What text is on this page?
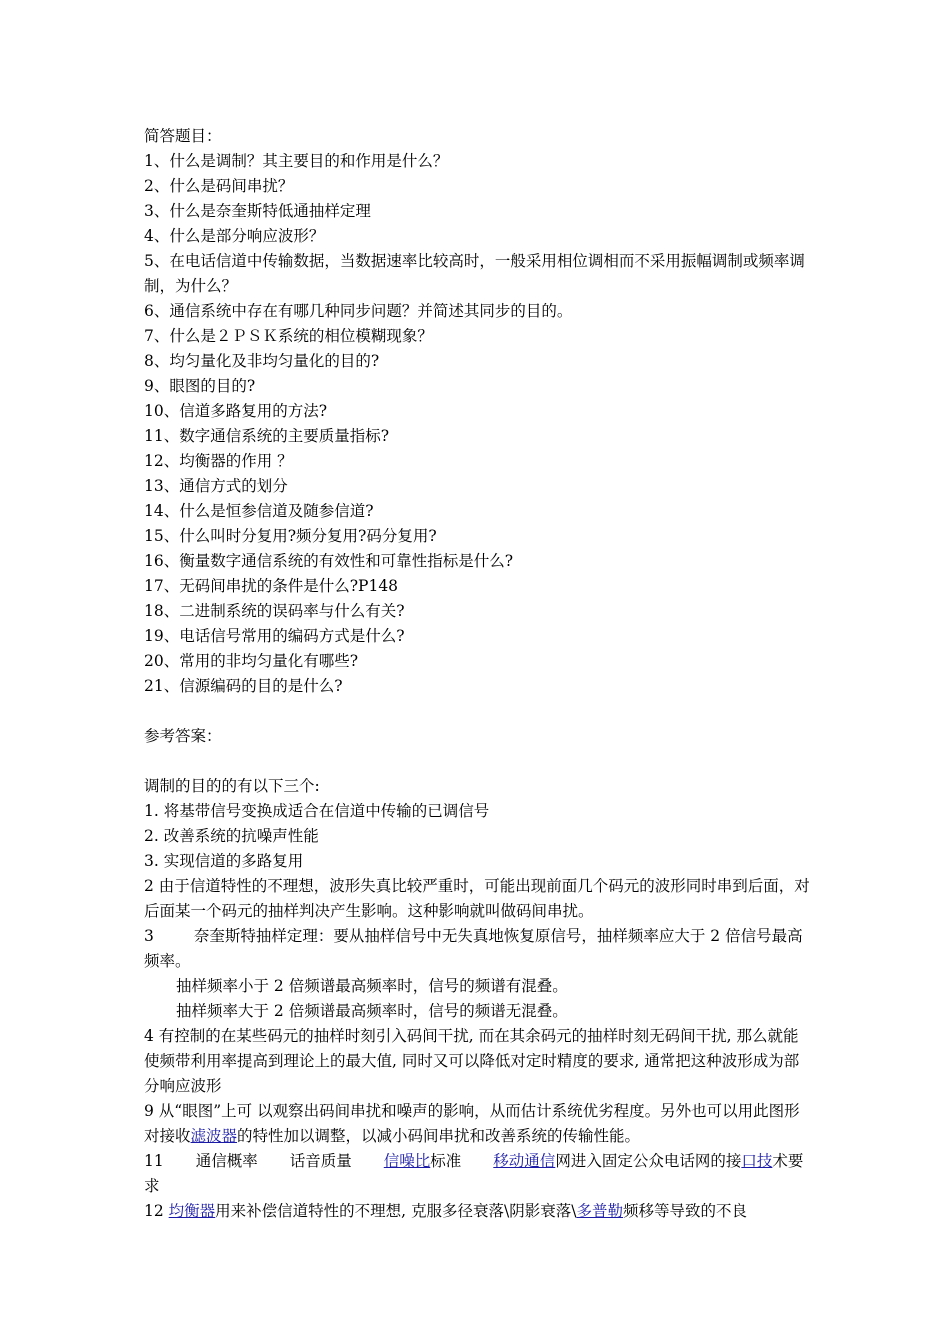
简答题目：
1、什么是调制？其主要目的和作用是什么？
2、什么是码间串扰？
3、什么是奈奎斯特低通抽样定理
4、什么是部分响应波形？
5、在电话信道中传输数据，当数据速率比较高时，一般采用相位调相而不采用振幅调制或频率调制，为什么？
6、通信系统中存在有哪几种同步问题？并简述其同步的目的。
7、什么是２ＰＳＫ系统的相位模糊现象？
8、均匀量化及非均匀量化的目的?
9、眼图的目的?
10、信道多路复用的方法?
11、数字通信系统的主要质量指标?
12、均衡器的作用 ？
13、通信方式的划分
14、什么是恒参信道及随参信道?
15、什么叫时分复用?频分复用?码分复用?
16、衡量数字通信系统的有效性和可靠性指标是什么?
17、无码间串扰的条件是什么?P148
18、二进制系统的误码率与什么有关?
19、电话信号常用的编码方式是什么?
20、常用的非均匀量化有哪些?
21、信源编码的目的是什么?
参考答案：
调制的目的的有以下三个:
1. 将基带信号变换成适合在信道中传输的已调信号
2. 改善系统的抗噪声性能
3. 实现信道的多路复用
2 由于信道特性的不理想，波形失真比较严重时，可能出现前面几个码元的波形同时串到后面，对后面某一个码元的抽样判决产生影响。这种影响就叫做码间串扰。
3	奈奎斯特抽样定理：要从抽样信号中无失真地恢复原信号，抽样频率应大于 2 倍信号最高频率。
抽样频率小于 2 倍频谱最高频率时，信号的频谱有混叠。
抽样频率大于 2 倍频谱最高频率时，信号的频谱无混叠。
4 有控制的在某些码元的抽样时刻引入码间干扰, 而在其余码元的抽样时刻无码间干扰, 那么就能使频带利用率提高到理论上的最大值, 同时又可以降低对定时精度的要求, 通常把这种波形成为部分响应波形
9 从“眼图”上可 以观察出码间串扰和噪声的影响，从而估计系统优劣程度。另外也可以用此图形对接收滤波器的特性加以调整，以减小码间串扰和改善系统的传输性能。
11 通信概率 话音质量 信噪比标准 移动通信网进入固定公众电话网的接口技术要求
12 均衡器用来补偿信道特性的不理想, 克服多径衰落\阴影衰落\多普勒频移等导致的不良
